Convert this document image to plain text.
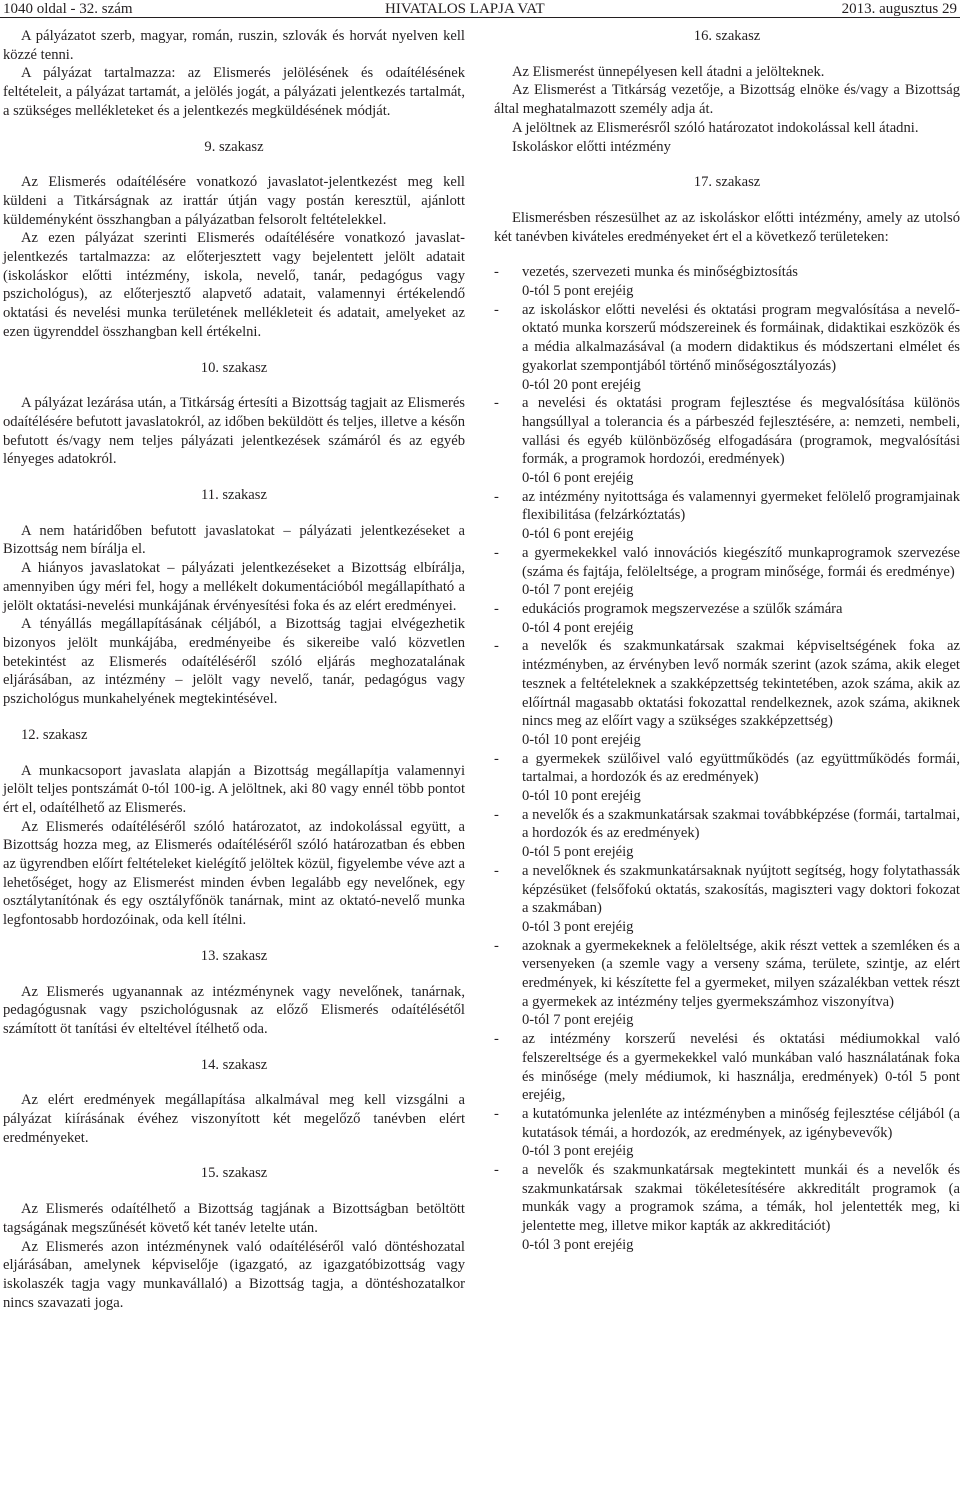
1040 oldal - 32. szám	HIVATALOS LAPJA VAT	2013. augusztus 29

A pályázatot szerb, magyar, román, ruszin, szlovák és horvát nyelven kell közzé tenni.

A pályázat tartalmazza: az Elismerés jelölésének és odaítélésének feltételeit, a pályázat tartamát, a jelölés jogát, a pályázati jelentkezés tartalmát, a szükséges mellékleteket és a jelentkezés megküldésének módját.

9. szakasz

Az Elismerés odaítélésére vonatkozó javaslatot-jelentkezést meg kell küldeni a Titkárságnak az irattár útján vagy postán keresztül, ajánlott küldeményként összhangban a pályázatban felsorolt feltételekkel.

Az ezen pályázat szerinti Elismerés odaítélésére vonatkozó javaslat-jelentkezés tartalmazza: az előterjesztett vagy bejelentett jelölt adatait (iskoláskor előtti intézmény, iskola, nevelő, tanár, pedagógus vagy pszichológus), az előterjesztő alapvető adatait, valamennyi értékelendő oktatási és nevelési munka területének mellékleteit és adatait, amelyeket az ezen ügyrenddel összhangban kell értékelni.

10. szakasz

A pályázat lezárása után, a Titkárság értesíti a Bizottság tagjait az Elismerés odaítélésére befutott javaslatokról, az időben beküldött és teljes, illetve a későn befutott és/vagy nem teljes pályázati jelentkezések számáról és az egyéb lényeges adatokról.

11. szakasz

A nem határidőben befutott javaslatokat – pályázati jelentkezéseket a Bizottság nem bírálja el.

A hiányos javaslatokat – pályázati jelentkezéseket a Bizottság elbírálja, amennyiben úgy méri fel, hogy a mellékelt dokumentációból megállapítható a jelölt oktatási-nevelési munkájának érvényesítési foka és az elért eredményei.

A tényállás megállapításának céljából, a Bizottság tagjai elvégezhetik bizonyos jelölt munkájába, eredményeibe és sikereibe való közvetlen betekintést az Elismerés odaítéléséről szóló eljárás meghozatalának eljárásában, az intézmény – jelölt vagy nevelő, tanár, pedagógus vagy pszichológus munkahelyének megtekintésével.

12. szakasz

A munkacsoport javaslata alapján a Bizottság megállapítja valamennyi jelölt teljes pontszámát 0-tól 100-ig. A jelöltnek, aki 80 vagy ennél több pontot ért el, odaítélhető az Elismerés.

Az Elismerés odaítéléséről szóló határozatot, az indokolással együtt, a Bizottság hozza meg, az Elismerés odaítéléséről szóló határozatban és ebben az ügyrendben előírt feltételeket kielégítő jelöltek közül, figyelembe véve azt a lehetőséget, hogy az Elismerést minden évben legalább egy nevelőnek, egy osztálytanítónak és egy osztályfőnök tanárnak, mint az oktató-nevelő munka legfontosabb hordozóinak, oda kell ítélni.

13. szakasz

Az Elismerés ugyanannak az intézménynek vagy nevelőnek, tanárnak, pedagógusnak vagy pszichológusnak az előző Elismerés odaítélésétől számított öt tanítási év elteltével ítélhető oda.

14. szakasz

Az elért eredmények megállapítása alkalmával meg kell vizsgálni a pályázat kiírásának évéhez viszonyított két megelőző tanévben elért eredményeket.

15. szakasz

Az Elismerés odaítélhető a Bizottság tagjának a Bizottságban betöltött tagságának megszűnését követő két tanév letelte után.

Az Elismerés azon intézménynek való odaítéléséről való döntéshozatal eljárásában, amelynek képviselője (igazgató, az igazgatóbizottság vagy iskolaszék tagja vagy munkavállaló) a Bizottság tagja, a döntéshozatalkor nincs szavazati joga.

16. szakasz

Az Elismerést ünnepélyesen kell átadni a jelölteknek.

Az Elismerést a Titkárság vezetője, a Bizottság elnöke és/vagy a Bizottság által meghatalmazott személy adja át.

A jelöltnek az Elismerésről szóló határozatot indokolással kell átadni.

Iskoláskor előtti intézmény

17. szakasz

Elismerésben részesülhet az az iskoláskor előtti intézmény, amely az utolsó két tanévben kiváteles eredményeket ért el a következő területeken:

- vezetés, szervezeti munka és minőségbiztosítás
0-tól 5 pont erejéig
- az iskoláskor előtti nevelési és oktatási program megvalósítása a nevelő-oktató munka korszerű módszereinek és formáinak, didaktikai eszközök és a média alkalmazásával (a modern didaktikus és módszertani elmélet és gyakorlat szempontjából történő minőségosztályozás)
0-tól 20 pont erejéig
- a nevelési és oktatási program fejlesztése és megvalósítása különös hangsúllyal a tolerancia és a párbeszéd fejlesztésére, a: nemzeti, nembeli, vallási és egyéb különbözőség elfogadására (programok, megvalósítási formák, a programok hordozói, eredmények)
0-tól 6 pont erejéig
- az intézmény nyitottsága és valamennyi gyermeket felölelő programjainak flexibilitása (felzárkóztatás)
0-tól 6 pont erejéig
- a gyermekekkel való innovációs kiegészítő munkaprogramok szervezése (száma és fajtája, felöleltsége, a program minősége, formái és eredménye)
0-tól 7 pont erejéig
- edukációs programok megszervezése a szülők számára
0-tól 4 pont erejéig
- a nevelők és szakmunkatársak szakmai képviseltségének foka az intézményben, az érvényben levő normák szerint (azok száma, akik eleget tesznek a feltételeknek a szakképzettség tekintetében, azok száma, akik az előírtnál magasabb oktatási fokozattal rendelkeznek, azok száma, akiknek nincs meg az előírt vagy a szükséges szakképzettség)
0-tól 10 pont erejéig
- a gyermekek szülőivel való együttműködés (az együttműködés formái, tartalmai, a hordozók és az eredmények)
0-tól 10 pont erejéig
- a nevelők és a szakmunkatársak szakmai továbbképzése (formái, tartalmai, a hordozók és az eredmények)
0-tól 5 pont erejéig
- a nevelőknek és szakmunkatársaknak nyújtott segítség, hogy folytathassák képzésüket (felsőfokú oktatás, szakosítás, magiszteri vagy doktori fokozat a szakmában)
0-tól 3 pont erejéig
- azoknak a gyermekeknek a felöleltsége, akik részt vettek a szemléken és a versenyeken (a szemle vagy a verseny száma, területe, szintje, az elért eredmények, ki készítette fel a gyermeket, milyen százalékban vettek részt a gyermekek az intézmény teljes gyermekszámhoz viszonyítva)
0-tól 7 pont erejéig
- az intézmény korszerű nevelési és oktatási médiumokkal való felszereltsége és a gyermekekkel való munkában való használatának foka és minősége (mely médiumok, ki használja, eredmények) 0-tól 5 pont erejéig,
- a kutatómunka jelenléte az intézményben a minőség fejlesztése céljából (a kutatások témái, a hordozók, az eredmények, az igénybevevők)
0-tól 3 pont erejéig
- a nevelők és szakmunkatársak megtekintett munkái és a nevelők és szakmunkatársak szakmai tökéletesítésére akkreditált programok (a munkák vagy a programok száma, a témák, hol jelentették meg, ki jelentette meg, illetve mikor kapták az akkreditációt)
0-tól 3 pont erejéig
